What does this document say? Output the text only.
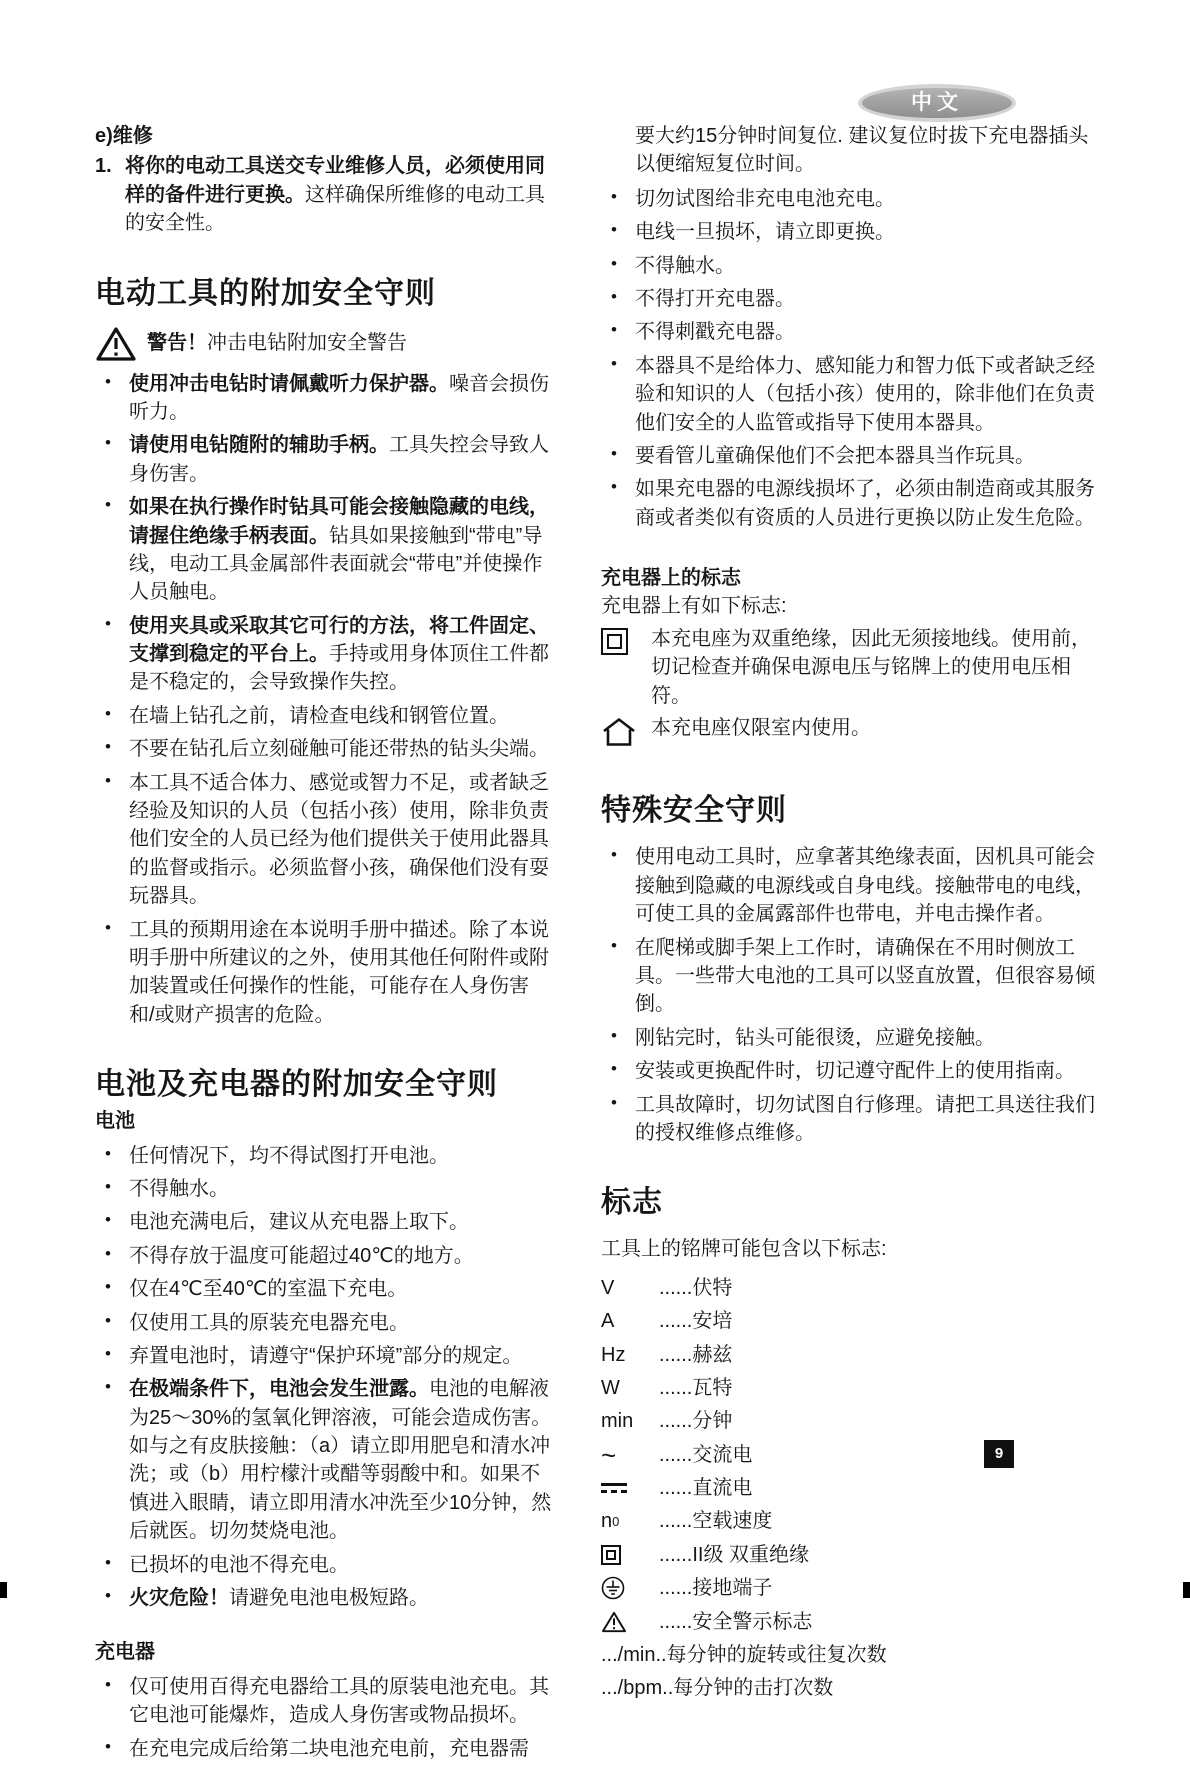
中文
e)维修
1. 将你的电动工具送交专业维修人员，必须使用同样的备件进行更换。这样确保所维修的电动工具的安全性。

电动工具的附加安全守则

警告！冲击电钻附加安全警告

• 使用冲击电钻时请佩戴听力保护器。噪音会损伤听力。
• 请使用电钻随附的辅助手柄。工具失控会导致人身伤害。
• 如果在执行操作时钻具可能会接触隐藏的电线，请握住绝缘手柄表面。钻具如果接触到“带电”导线，电动工具金属部件表面就会“带电”并使操作人员触电。
• 使用夹具或采取其它可行的方法，将工件固定、支撑到稳定的平台上。手持或用身体顶住工件都是不稳定的，会导致操作失控。
• 在墙上钻孔之前，请检查电线和钢管位置。
• 不要在钻孔后立刻碰触可能还带热的钻头尖端。
• 本工具不适合体力、感觉或智力不足，或者缺乏经验及知识的人员（包括小孩）使用，除非负责他们安全的人员已经为他们提供关于使用此器具的监督或指示。必须监督小孩，确保他们没有耍玩器具。
• 工具的预期用途在本说明手册中描述。除了本说明手册中所建议的之外，使用其他任何附件或附加装置或任何操作的性能，可能存在人身伤害和/或财产损害的危险。
电池及充电器的附加安全守则
电池
• 任何情况下，均不得试图打开电池。
• 不得触水。
• 电池充满电后，建议从充电器上取下。
• 不得存放于温度可能超过40℃的地方。
• 仅在4℃至40℃的室温下充电。
• 仅使用工具的原装充电器充电。
• 弃置电池时，请遵守“保护环境”部分的规定。
• 在极端条件下，电池会发生泄露。电池的电解液为25～30%的氢氧化钾溶液，可能会造成伤害。如与之有皮肤接触：（a）请立即用肥皂和清水冲洗；或（b）用柠檬汁或醋等弱酸中和。如果不慎进入眼睛，请立即用清水冲洗至少10分钟，然后就医。切勿焚烧电池。
• 已损坏的电池不得充电。
• 火灾危险！请避免电池电极短路。
充电器
• 仅可使用百得充电器给工具的原装电池充电。其它电池可能爆炸，造成人身伤害或物品损坏。
• 在充电完成后给第二块电池充电前，充电器需

要大约15分钟时间复位. 建议复位时拔下充电器插头以便缩短复位时间。

• 切勿试图给非充电电池充电。
• 电线一旦损坏，请立即更换。
• 不得触水。
• 不得打开充电器。
• 不得刺戳充电器。
• 本器具不是给体力、感知能力和智力低下或者缺乏经验和知识的人（包括小孩）使用的，除非他们在负责他们安全的人监管或指导下使用本器具。
• 要看管儿童确保他们不会把本器具当作玩具。
• 如果充电器的电源线损坏了，必须由制造商或其服务商或者类似有资质的人员进行更换以防止发生危险。
充电器上的标志

充电器上有如下标志:

本充电座为双重绝缘，因此无须接地线。使用前，切记检查并确保电源电压与铭牌上的使用电压相符。

本充电座仅限室内使用。

特殊安全守则
• 使用电动工具时，应拿著其绝缘表面，因机具可能会接触到隐藏的电源线或自身电线。接触带电的电线，可使工具的金属露部件也带电，并电击操作者。
• 在爬梯或脚手架上工作时，请确保在不用时侧放工具。一些带大电池的工具可以竖直放置，但很容易倾倒。
• 刚钻完时，钻头可能很烫，应避免接触。
• 安装或更换配件时，切记遵守配件上的使用指南。
• 工具故障时，切勿试图自行修理。请把工具送往我们的授权维修点维修。
标志

工具上的铭牌可能包含以下标志:

V	......伏特
A	......安培
Hz	......赫兹
W	......瓦特
min	......分钟
~	......交流电
......直流电
n 0 ......空载速度
......II级 双重绝缘
......接地端子
......安全警示标志
.../min.. 每分钟的旋转或往复次数
.../bpm.. 每分钟的击打次数
9
